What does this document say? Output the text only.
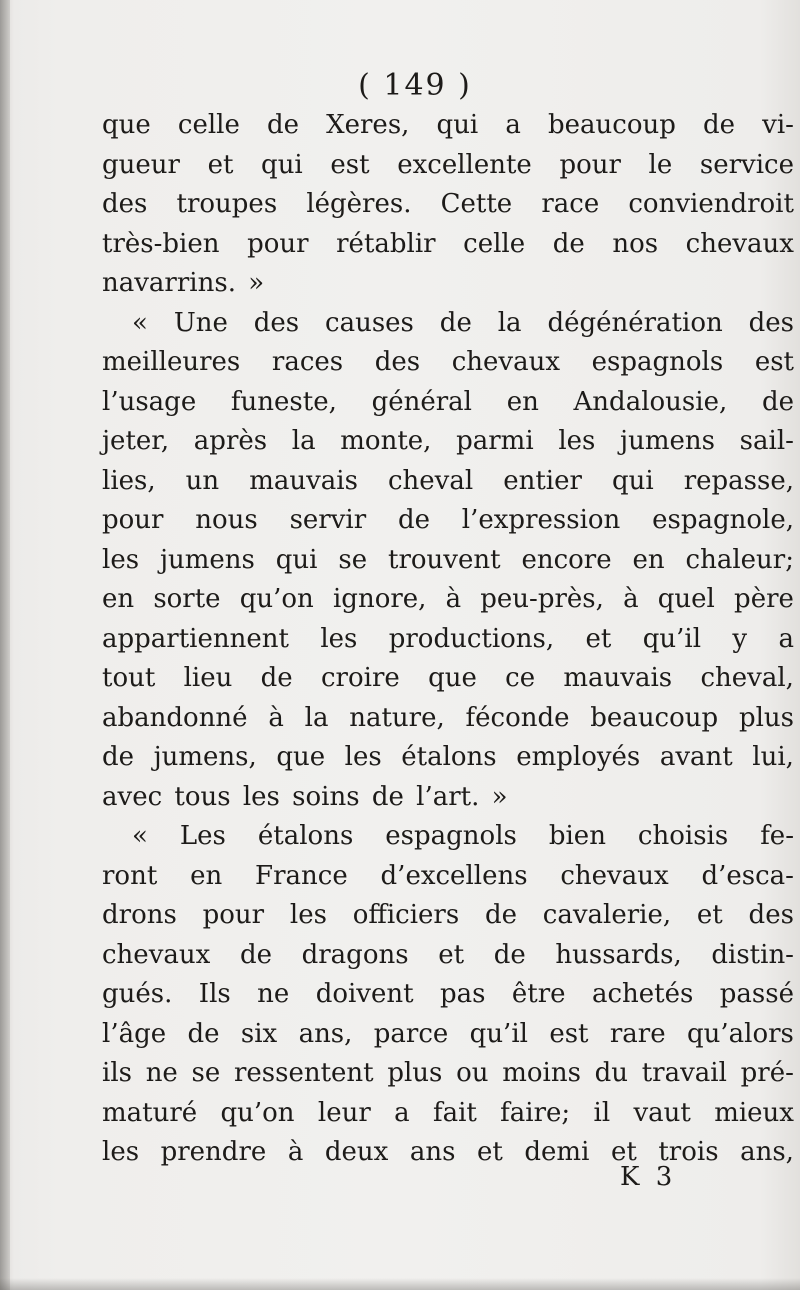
( 149 )
que celle de Xeres, qui a beaucoup de vi-
gueur et qui est excellente pour le service
des troupes légères. Cette race conviendroit
très-bien pour rétablir celle de nos chevaux
navarrins. »
« Une des causes de la dégénération des
meilleures races des chevaux espagnols est
l’usage funeste, général en Andalousie, de
jeter, après la monte, parmi les jumens sail-
lies, un mauvais cheval entier qui repasse,
pour nous servir de l’expression espagnole,
les jumens qui se trouvent encore en chaleur;
en sorte qu’on ignore, à peu-près, à quel père
appartiennent les productions, et qu’il y a
tout lieu de croire que ce mauvais cheval,
abandonné à la nature, féconde beaucoup plus
de jumens, que les étalons employés avant lui,
avec tous les soins de l’art. »
« Les étalons espagnols bien choisis fe-
ront en France d’excellens chevaux d’esca-
drons pour les officiers de cavalerie, et des
chevaux de dragons et de hussards, distin-
gués. Ils ne doivent pas être achetés passé
l’âge de six ans, parce qu’il est rare qu’alors
ils ne se ressentent plus ou moins du travail pré-
maturé qu’on leur a fait faire; il vaut mieux
les prendre à deux ans et demi et trois ans,
K 3
